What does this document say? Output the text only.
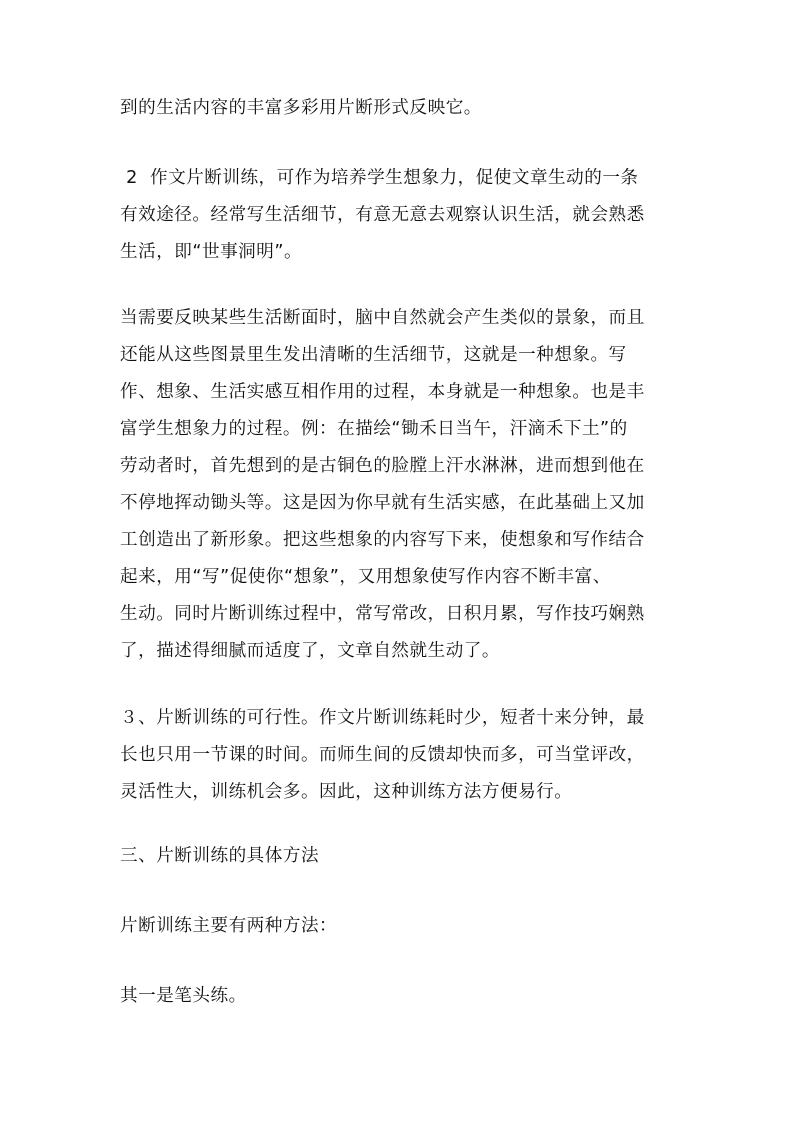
到的生活内容的丰富多彩用片断形式反映它。

2  作文片断训练，可作为培养学生想象力，促使文章生动的一条

有效途径。经常写生活细节，有意无意去观察认识生活，就会熟悉

生活，即“世事洞明”。

当需要反映某些生活断面时，脑中自然就会产生类似的景象，而且

还能从这些图景里生发出清晰的生活细节，这就是一种想象。写

作、想象、生活实感互相作用的过程，本身就是一种想象。也是丰

富学生想象力的过程。例：在描绘“锄禾日当午，汗滴禾下土”的

劳动者时，首先想到的是古铜色的脸膛上汗水淋淋，进而想到他在

不停地挥动锄头等。这是因为你早就有生活实感，在此基础上又加

工创造出了新形象。把这些想象的内容写下来，使想象和写作结合

起来，用“写”促使你“想象”，又用想象使写作内容不断丰富、

生动。同时片断训练过程中，常写常改，日积月累，写作技巧娴熟

了，描述得细腻而适度了，文章自然就生动了。

３、片断训练的可行性。作文片断训练耗时少，短者十来分钟，最

长也只用一节课的时间。而师生间的反馈却快而多，可当堂评改，

灵活性大，训练机会多。因此，这种训练方法方便易行。

三、片断训练的具体方法

片断训练主要有两种方法：

其一是笔头练。
